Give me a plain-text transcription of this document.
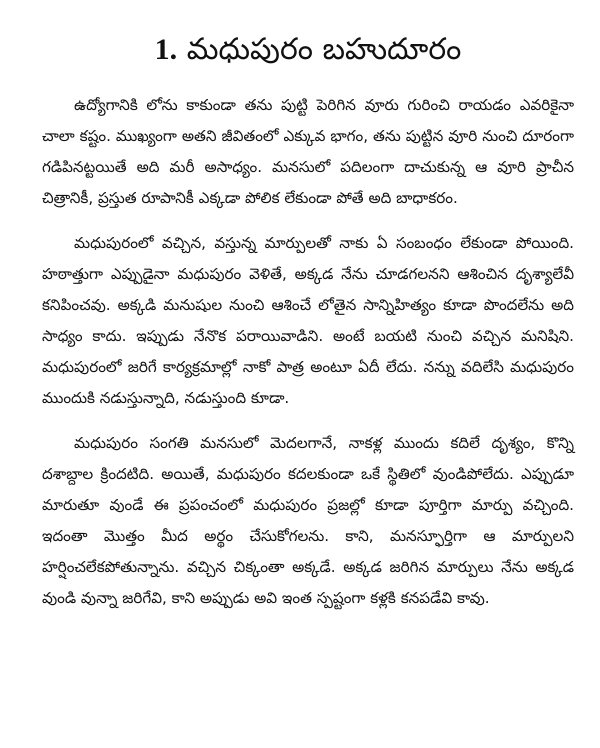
1. మధుపురం బహుదూరం

ఉద్యోగానికి లోను కాకుండా తను పుట్టి పెరిగిన వూరు గురించి రాయడం ఎవరికైనా చాలా కష్టం. ముఖ్యంగా అతని జీవితంలో ఎక్కువ భాగం, తను పుట్టిన వూరి నుంచి దూరంగా గడిపినట్టయితే అది మరీ అసాధ్యం. మనసులో పదిలంగా దాచుకున్న ఆ వూరి ప్రాచీన చిత్రానికీ, ప్రస్తుత రూపానికీ ఎక్కడా పోలిక లేకుండా పోతే అది బాధాకరం.

మధుపురంలో వచ్చిన, వస్తున్న మార్పులతో నాకు ఏ సంబంధం లేకుండా పోయింది. హఠాత్తుగా ఎప్పుడైనా మధుపురం వెళితే, అక్కడ నేను చూడగలనని ఆశించిన దృశ్యాలేవీ కనిపించవు. అక్కడి మనుషుల నుంచి ఆశించే లోతైన సాన్నిహిత్యం కూడా పొందలేను అది సాధ్యం కాదు. ఇప్పుడు నేనొక పరాయివాడిని. అంటే బయటి నుంచి వచ్చిన మనిషిని. మధుపురంలో జరిగే కార్యక్రమాల్లో నాకో పాత్ర అంటూ ఏదీ లేదు. నన్ను వదిలేసి మధుపురం ముందుకి నడుస్తున్నాది, నడుస్తుంది కూడా.

మధుపురం సంగతి మనసులో మెదలగానే, నాకళ్ల ముందు కదిలే దృశ్యం, కొన్ని దశాబ్దాల క్రిందటిది. అయితే, మధుపురం కదలకుండా ఒకే స్థితిలో వుండిపోలేదు. ఎప్పుడూ మారుతూ వుండే ఈ ప్రపంచంలో మధుపురం ప్రజల్లో కూడా పూర్తిగా మార్పు వచ్చింది. ఇదంతా మొత్తం మీద అర్థం చేసుకోగలను. కాని, మనస్ఫూర్తిగా ఆ మార్పులని హర్షించలేకపోతున్నాను. వచ్చిన చిక్కంతా అక్కడే. అక్కడ జరిగిన మార్పులు నేను అక్కడ వుండి వున్నా జరిగేవి, కాని అప్పుడు అవి ఇంత స్పష్టంగా కళ్లకి కనపడేవి కావు.
